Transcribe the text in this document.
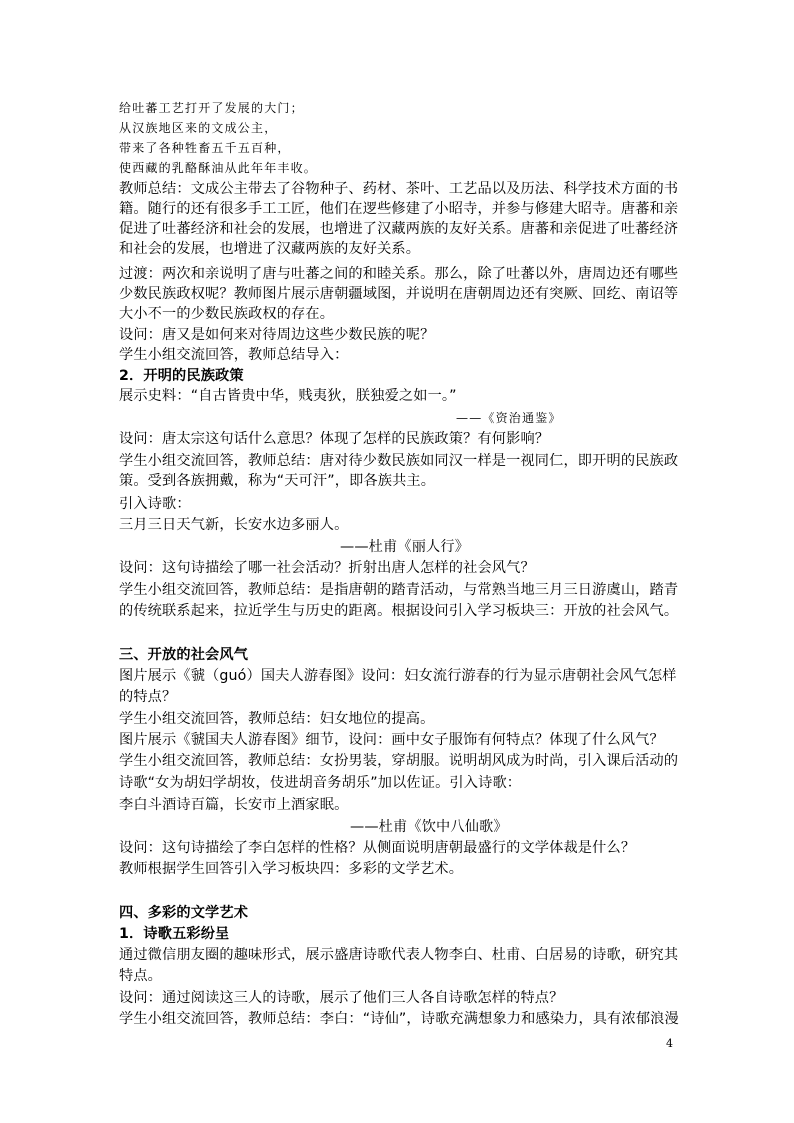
给吐蕃工艺打开了发展的大门；
从汉族地区来的文成公主，
带来了各种牲畜五千五百种，
使西藏的乳酪酥油从此年年丰收。
教师总结：文成公主带去了谷物种子、药材、茶叶、工艺品以及历法、科学技术方面的书
籍。随行的还有很多手工工匠，他们在逻些修建了小昭寺，并参与修建大昭寺。唐蕃和亲
促进了吐蕃经济和社会的发展，也增进了汉藏两族的友好关系。唐蕃和亲促进了吐蕃经济
和社会的发展，也增进了汉藏两族的友好关系。
过渡：两次和亲说明了唐与吐蕃之间的和睦关系。那么，除了吐蕃以外，唐周边还有哪些
少数民族政权呢？教师图片展示唐朝疆域图，并说明在唐朝周边还有突厥、回纥、南诏等
大小不一的少数民族政权的存在。
设问：唐又是如何来对待周边这些少数民族的呢？
学生小组交流回答，教师总结导入：
2．开明的民族政策
展示史料：“自古皆贵中华，贱夷狄，朕独爱之如一。”
——《资治通鉴》
设问：唐太宗这句话什么意思？体现了怎样的民族政策？有何影响？
学生小组交流回答，教师总结：唐对待少数民族如同汉一样是一视同仁，即开明的民族政
策。受到各族拥戴，称为“天可汗”，即各族共主。
引入诗歌：
三月三日天气新，长安水边多丽人。
——杜甫《丽人行》
设问：这句诗描绘了哪一社会活动？折射出唐人怎样的社会风气？
学生小组交流回答，教师总结：是指唐朝的踏青活动，与常熟当地三月三日游虞山，踏青
的传统联系起来，拉近学生与历史的距离。根据设问引入学习板块三：开放的社会风气。
三、开放的社会风气
图片展示《虢（guó）国夫人游春图》设问：妇女流行游春的行为显示唐朝社会风气怎样
的特点？
学生小组交流回答，教师总结：妇女地位的提高。
图片展示《虢国夫人游春图》细节，设问：画中女子服饰有何特点？体现了什么风气？
学生小组交流回答，教师总结：女扮男装，穿胡服。说明胡风成为时尚，引入课后活动的
诗歌“女为胡妇学胡妆，伎进胡音务胡乐”加以佐证。引入诗歌：
李白斗酒诗百篇，长安市上酒家眠。
——杜甫《饮中八仙歌》
设问：这句诗描绘了李白怎样的性格？从侧面说明唐朝最盛行的文学体裁是什么？
教师根据学生回答引入学习板块四：多彩的文学艺术。
四、多彩的文学艺术
1．诗歌五彩纷呈
通过微信朋友圈的趣味形式，展示盛唐诗歌代表人物李白、杜甫、白居易的诗歌，研究其
特点。
设问：通过阅读这三人的诗歌，展示了他们三人各自诗歌怎样的特点？
学生小组交流回答，教师总结：李白：“诗仙”，诗歌充满想象力和感染力，具有浓郁浪漫
4
